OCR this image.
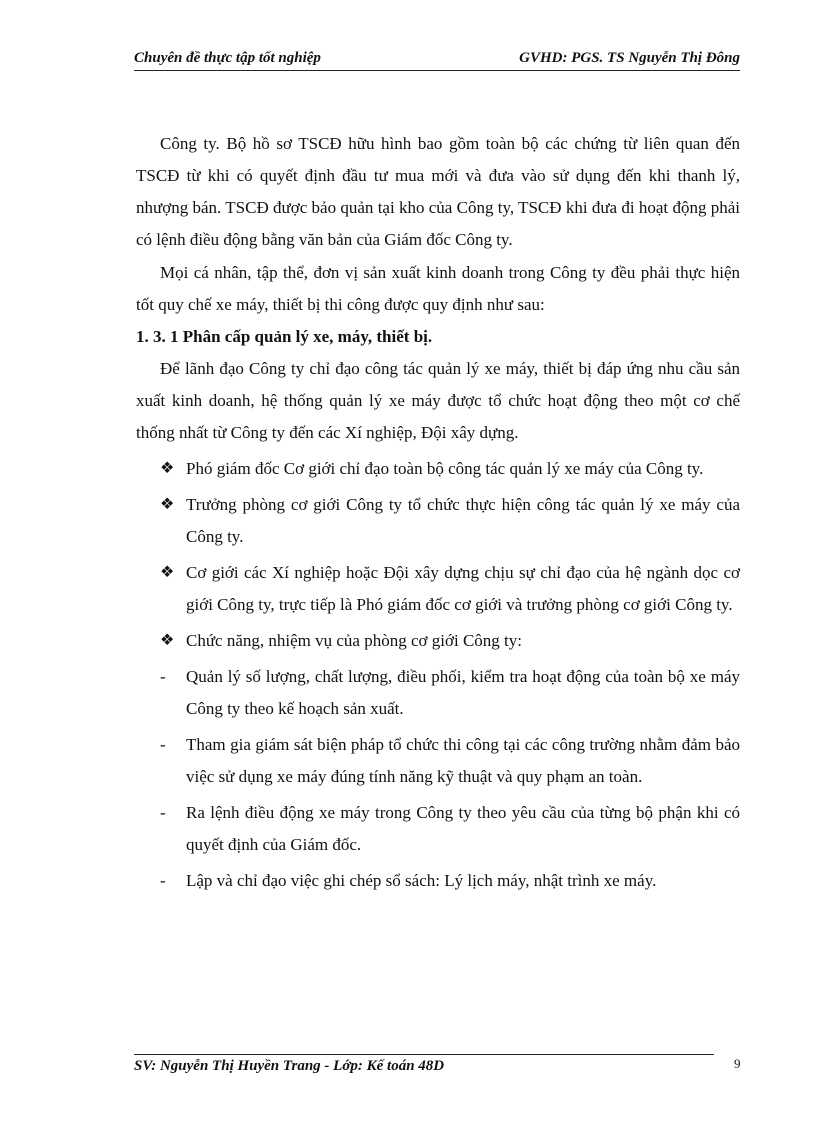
Chuyên đề thực tập tốt nghiệp	GVHD: PGS. TS Nguyễn Thị Đông

Công ty. Bộ hồ sơ TSCĐ hữu hình bao gồm toàn bộ các chứng từ liên quan đến TSCĐ từ khi có quyết định đầu tư mua mới và đưa vào sử dụng đến khi thanh lý, nhượng bán. TSCĐ được bảo quản tại kho của Công ty, TSCĐ khi đưa đi hoạt động phải có lệnh điều động bằng văn bản của Giám đốc Công ty.

Mọi cá nhân, tập thể, đơn vị sản xuất kinh doanh trong Công ty đều phải thực hiện tốt quy chế xe máy, thiết bị thi công được quy định như sau:

1. 3. 1 Phân cấp quản lý xe, máy, thiết bị.

Để lãnh đạo Công ty chỉ đạo công tác quản lý xe máy, thiết bị đáp ứng nhu cầu sản xuất kinh doanh, hệ thống quản lý xe máy được tổ chức hoạt động theo một cơ chế thống nhất từ Công ty đến các Xí nghiệp, Đội xây dựng.

❖ Phó giám đốc Cơ giới chỉ đạo toàn bộ công tác quản lý xe máy của Công ty.

❖ Trưởng phòng cơ giới Công ty tổ chức thực hiện công tác quản lý xe máy của Công ty.

❖ Cơ giới các Xí nghiệp hoặc Đội xây dựng chịu sự chỉ đạo của hệ ngành dọc cơ giới Công ty, trực tiếp là Phó giám đốc cơ giới và trưởng phòng cơ giới Công ty.

❖ Chức năng, nhiệm vụ của phòng cơ giới Công ty:

- Quản lý số lượng, chất lượng, điều phối, kiểm tra hoạt động của toàn bộ xe máy Công ty theo kế hoạch sản xuất.

- Tham gia giám sát biện pháp tổ chức thi công tại các công trường nhằm đảm bảo việc sử dụng xe máy đúng tính năng kỹ thuật và quy phạm an toàn.

- Ra lệnh điều động xe máy trong Công ty theo yêu cầu của từng bộ phận khi có quyết định của Giám đốc.

- Lập và chỉ đạo việc ghi chép sổ sách: Lý lịch máy, nhật trình xe máy.

SV: Nguyễn Thị Huyền Trang - Lớp: Kế toán 48D	9
